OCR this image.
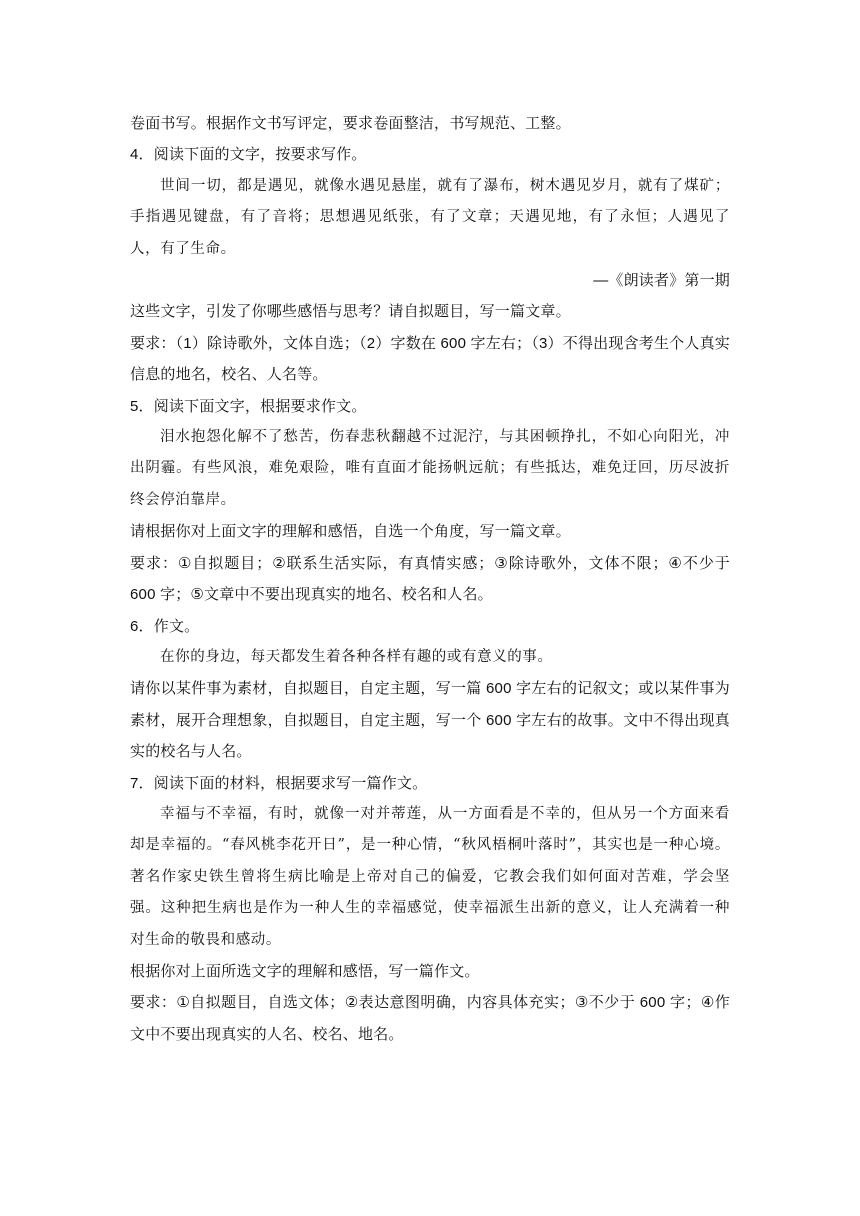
卷面书写。根据作文书写评定，要求卷面整洁，书写规范、工整。

4．阅读下面的文字，按要求写作。

世间一切，都是遇见，就像水遇见悬崖，就有了瀑布，树木遇见岁月，就有了煤矿；手指遇见键盘，有了音将；思想遇见纸张，有了文章；天遇见地，有了永恒；人遇见了人，有了生命。

—《朗读者》第一期

这些文字，引发了你哪些感悟与思考？请自拟题目，写一篇文章。

要求：（1）除诗歌外，文体自选；（2）字数在 600 字左右；（3）不得出现含考生个人真实信息的地名，校名、人名等。

5．阅读下面文字，根据要求作文。

泪水抱怨化解不了愁苦，伤春悲秋翻越不过泥泞，与其困顿挣扎，不如心向阳光，冲出阴霾。有些风浪，难免艰险，唯有直面才能扬帆远航；有些抵达，难免迂回，历尽波折终会停泊靠岸。

请根据你对上面文字的理解和感悟，自选一个角度，写一篇文章。

要求：①自拟题目；②联系生活实际，有真情实感；③除诗歌外，文体不限；④不少于 600 字；⑤文章中不要出现真实的地名、校名和人名。

6．作文。

在你的身边，每天都发生着各种各样有趣的或有意义的事。

请你以某件事为素材，自拟题目，自定主题，写一篇 600 字左右的记叙文；或以某件事为素材，展开合理想象，自拟题目，自定主题，写一个 600 字左右的故事。文中不得出现真实的校名与人名。

7．阅读下面的材料，根据要求写一篇作文。

幸福与不幸福，有时，就像一对并蒂莲，从一方面看是不幸的，但从另一个方面来看却是幸福的。“春风桃李花开日”，是一种心情，“秋风梧桐叶落时”，其实也是一种心境。著名作家史铁生曾将生病比喻是上帝对自己的偏爱，它教会我们如何面对苦难，学会坚强。这种把生病也是作为一种人生的幸福感觉，使幸福派生出新的意义，让人充满着一种对生命的敬畏和感动。

根据你对上面所选文字的理解和感悟，写一篇作文。

要求：①自拟题目，自选文体；②表达意图明确，内容具体充实；③不少于 600 字；④作文中不要出现真实的人名、校名、地名。
